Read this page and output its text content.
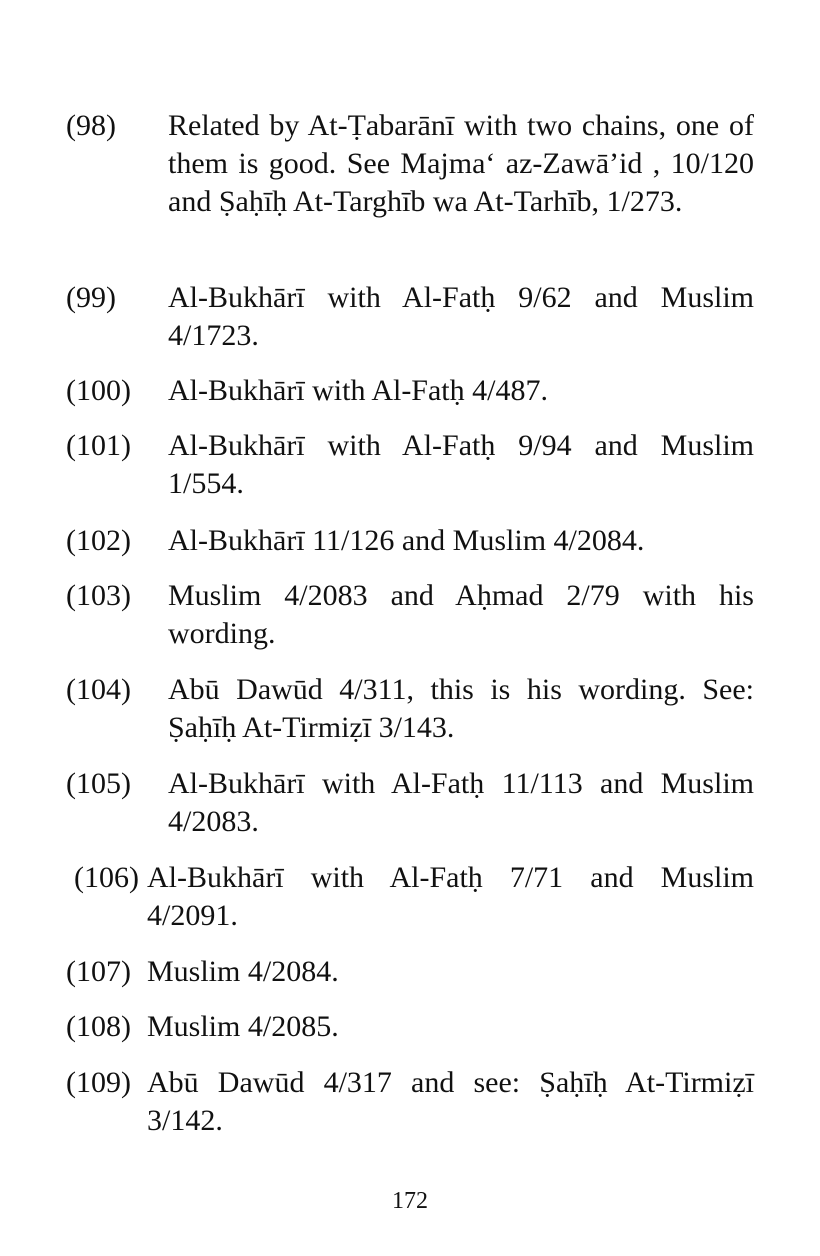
(98) Related by At-Ṭabarānī with two chains, one of them is good. See Majma‘ az-Zawā’id , 10/120 and Ṣaḥīḥ At-Targhīb wa At-Tarhīb, 1/273.
(99) Al-Bukhārī with Al-Fatḥ 9/62 and Muslim 4/1723.
(100) Al-Bukhārī with Al-Fatḥ 4/487.
(101) Al-Bukhārī with Al-Fatḥ 9/94 and Muslim 1/554.
(102) Al-Bukhārī 11/126 and Muslim 4/2084.
(103) Muslim 4/2083 and Aḥmad 2/79 with his wording.
(104) Abū Dawūd 4/311, this is his wording. See: Ṣaḥīḥ At-Tirmiẓī 3/143.
(105) Al-Bukhārī with Al-Fatḥ 11/113 and Muslim 4/2083.
(106) Al-Bukhārī with Al-Fatḥ 7/71 and Muslim 4/2091.
(107) Muslim 4/2084.
(108) Muslim 4/2085.
(109) Abū Dawūd 4/317 and see: Ṣaḥīḥ At-Tirmiẓī 3/142.
172
